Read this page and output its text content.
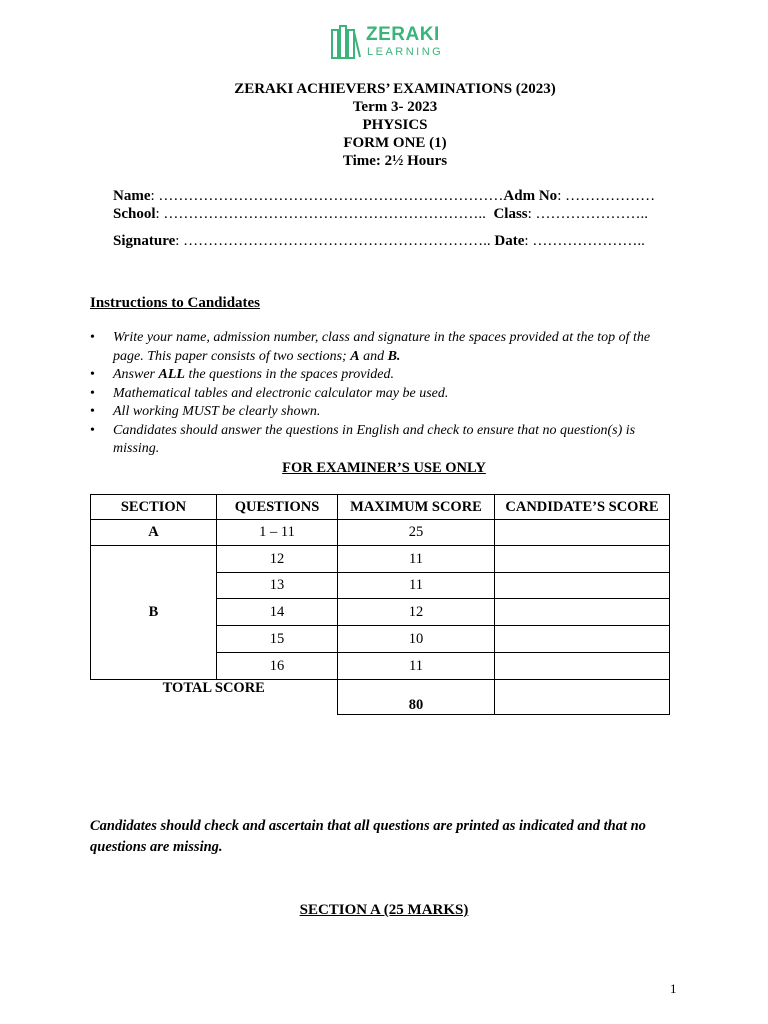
ZERAKI
LEARNING
ZERAKI ACHIEVERS’ EXAMINATIONS (2023)
Term 3- 2023
PHYSICS
FORM ONE (1)
Time: 2½ Hours
Name: ……………………………………………………………Adm No: ………………
School: ……………………………………………………….. Class: …………………..
Signature: …………………………………………………….. Date: …………………..
Instructions to Candidates
• Write your name, admission number, class and signature in the spaces provided at the top of the page. This paper consists of two sections; A and B.
• Answer ALL the questions in the spaces provided.
• Mathematical tables and electronic calculator may be used.
• All working MUST be clearly shown.
• Candidates should answer the questions in English and check to ensure that no question(s) is missing.
FOR EXAMINER’S USE ONLY
SECTION	QUESTIONS	MAXIMUM SCORE	CANDIDATE’S SCORE
A	1 – 11	25	
B	12	11	
	13	11	
	14	12	
	15	10	
	16	11	
TOTAL SCORE		80	
Candidates should check and ascertain that all questions are printed as indicated and that no questions are missing.
SECTION A (25 MARKS)
1
